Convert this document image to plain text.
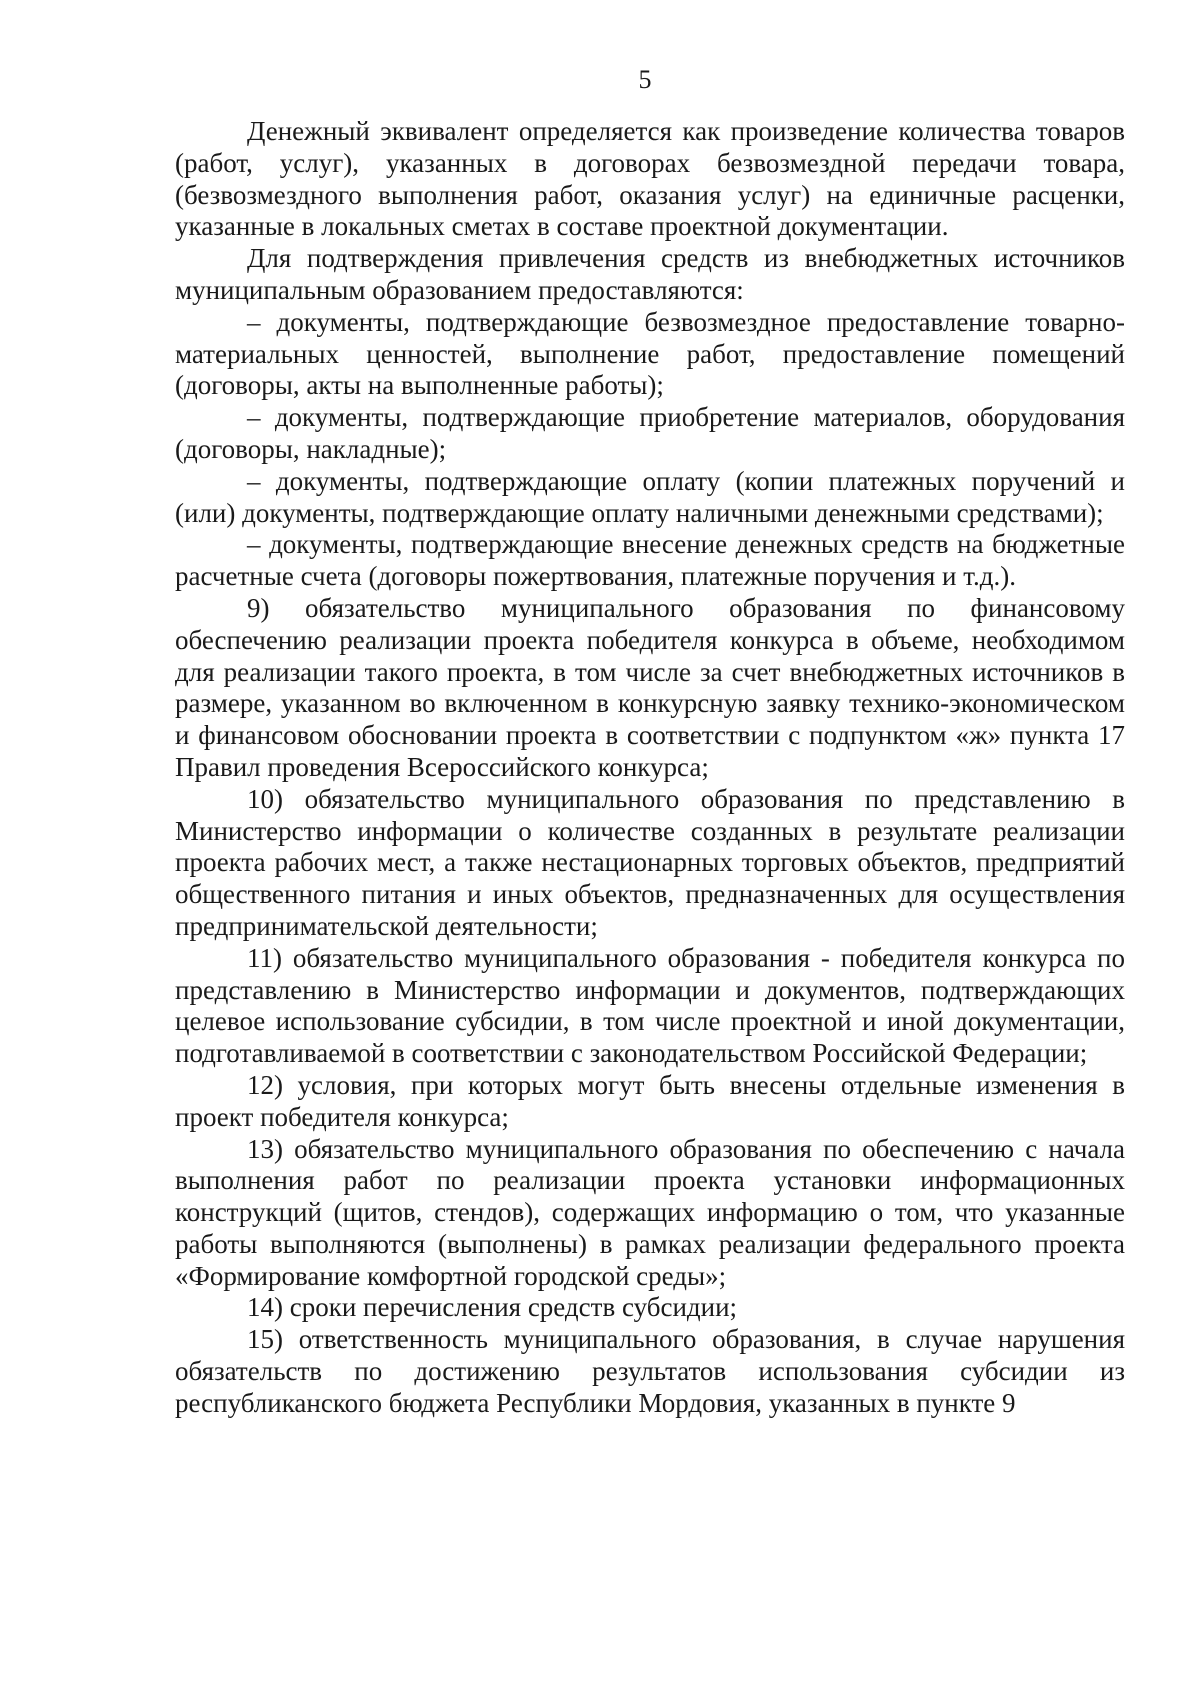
5

Денежный эквивалент определяется как произведение количества товаров (работ, услуг), указанных в договорах безвозмездной передачи товара, (безвозмездного выполнения работ, оказания услуг) на единичные расценки, указанные в локальных сметах в составе проектной документации.

Для подтверждения привлечения средств из внебюджетных источников муниципальным образованием предоставляются:

– документы, подтверждающие безвозмездное предоставление товарно-материальных ценностей, выполнение работ, предоставление помещений (договоры, акты на выполненные работы);

– документы, подтверждающие приобретение материалов, оборудования (договоры, накладные);

– документы, подтверждающие оплату (копии платежных поручений и (или) документы, подтверждающие оплату наличными денежными средствами);

– документы, подтверждающие внесение денежных средств на бюджетные расчетные счета (договоры пожертвования, платежные поручения и т.д.).

9) обязательство муниципального образования по финансовому обеспечению реализации проекта победителя конкурса в объеме, необходимом для реализации такого проекта, в том числе за счет внебюджетных источников в размере, указанном во включенном в конкурсную заявку технико-экономическом и финансовом обосновании проекта в соответствии с подпунктом «ж» пункта 17 Правил проведения Всероссийского конкурса;

10) обязательство муниципального образования по представлению в Министерство информации о количестве созданных в результате реализации проекта рабочих мест, а также нестационарных торговых объектов, предприятий общественного питания и иных объектов, предназначенных для осуществления предпринимательской деятельности;

11) обязательство муниципального образования - победителя конкурса по представлению в Министерство информации и документов, подтверждающих целевое использование субсидии, в том числе проектной и иной документации, подготавливаемой в соответствии с законодательством Российской Федерации;

12) условия, при которых могут быть внесены отдельные изменения в проект победителя конкурса;

13) обязательство муниципального образования по обеспечению с начала выполнения работ по реализации проекта установки информационных конструкций (щитов, стендов), содержащих информацию о том, что указанные работы выполняются (выполнены) в рамках реализации федерального проекта «Формирование комфортной городской среды»;

14) сроки перечисления средств субсидии;

15) ответственность муниципального образования, в случае нарушения обязательств по достижению результатов использования субсидии из республиканского бюджета Республики Мордовия, указанных в пункте 9
